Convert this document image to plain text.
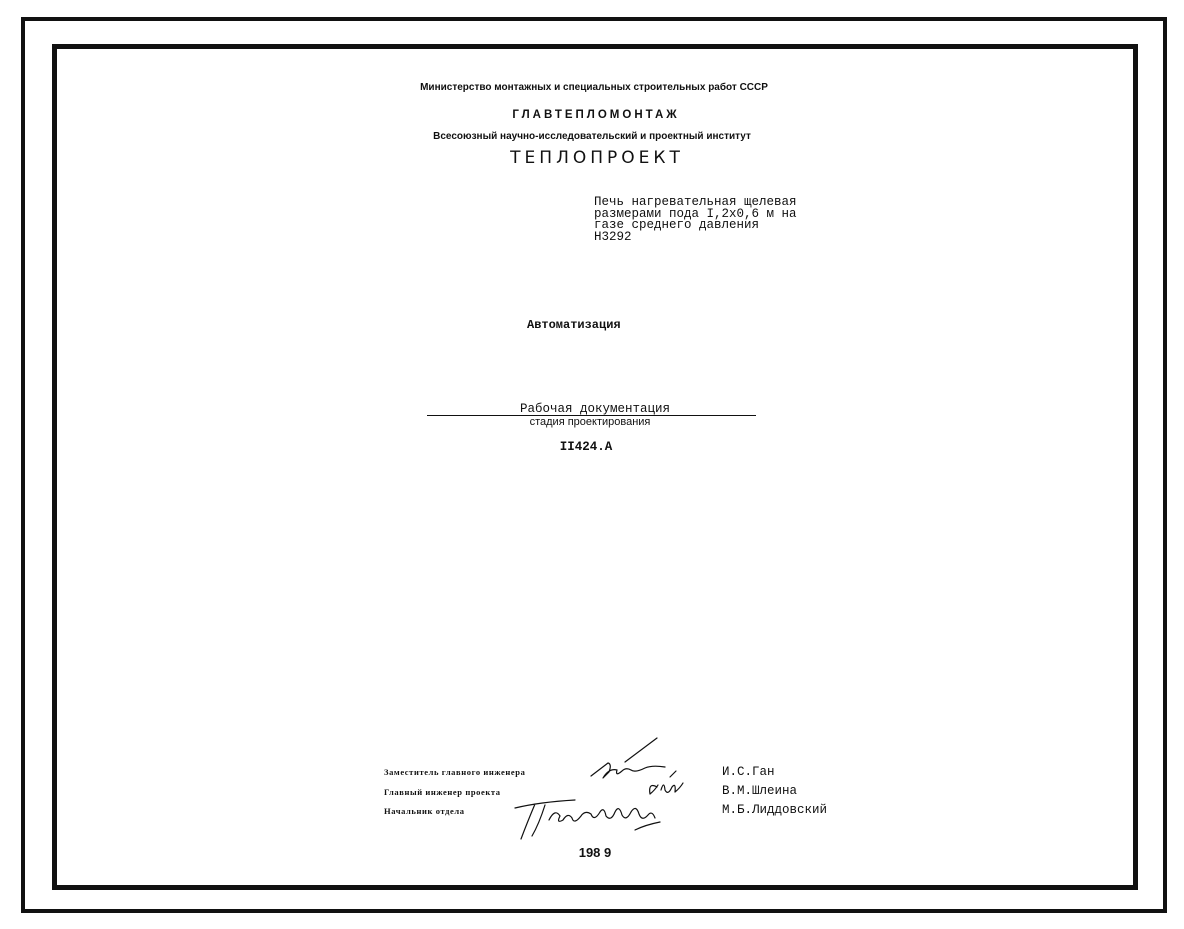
Министерство монтажных и специальных строительных работ СССР
ГЛАВТЕПЛОМОНТАЖ
Всесоюзный научно-исследовательский и проектный институт
ТЕПЛОПРОЕКТ
Печь нагревательная щелевая
размерами пода I,2x0,6 м на
газе среднего давления
Н3292
Автоматизация
Рабочая документация
стадия проектирования
II424.А
Заместитель главного инженера
Главный инженер проекта
Начальник отдела
И.С.Ган
В.М.Шлеина
М.Б.Лиддовский
198 9
